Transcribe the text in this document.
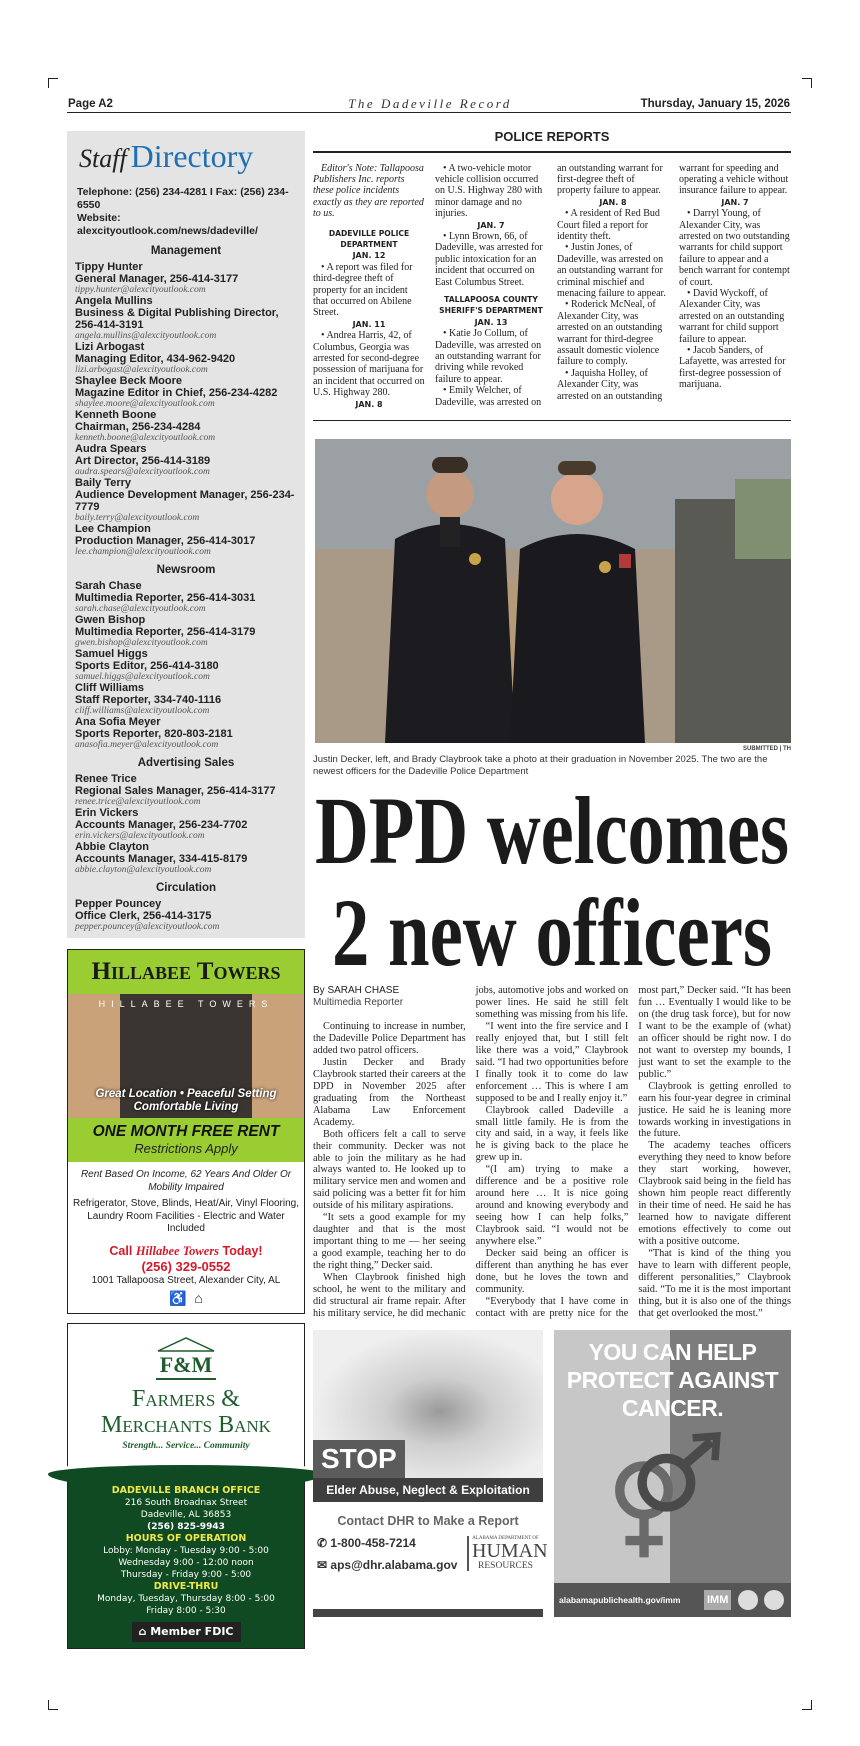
The Dadeville Record
Page A2	Thursday, January 15, 2026
Staff Directory
Telephone: (256) 234-4281 I Fax: (256) 234-6550
Website: alexcityoutlook.com/news/dadeville/
Management
Tippy Hunter
General Manager, 256-414-3177
tippy.hunter@alexcityoutlook.com
Angela Mullins
Business & Digital Publishing Director, 256-414-3191
angela.mullins@alexcityoutlook.com
Lizi Arbogast
Managing Editor, 434-962-9420
lizi.arbogast@alexcityoutlook.com
Shaylee Beck Moore
Magazine Editor in Chief, 256-234-4282
shaylee.moore@alexcityoutlook.com
Kenneth Boone
Chairman, 256-234-4284
kenneth.boone@alexcityoutlook.com
Audra Spears
Art Director, 256-414-3189
audra.spears@alexcityoutlook.com
Baily Terry
Audience Development Manager, 256-234-7779
baily.terry@alexcityoutlook.com
Lee Champion
Production Manager, 256-414-3017
lee.champion@alexcityoutlook.com
Newsroom
Sarah Chase
Multimedia Reporter, 256-414-3031
sarah.chase@alexcityoutlook.com
Gwen Bishop
Multimedia Reporter, 256-414-3179
gwen.bishop@alexcityoutlook.com
Samuel Higgs
Sports Editor, 256-414-3180
samuel.higgs@alexcityoutlook.com
Cliff Williams
Staff Reporter, 334-740-1116
cliff.williams@alexcityoutlook.com
Ana Sofia Meyer
Sports Reporter, 820-803-2181
anasofia.meyer@alexcityoutlook.com
Advertising Sales
Renee Trice
Regional Sales Manager, 256-414-3177
renee.trice@alexcityoutlook.com
Erin Vickers
Accounts Manager, 256-234-7702
erin.vickers@alexcityoutlook.com
Abbie Clayton
Accounts Manager, 334-415-8179
abbie.clayton@alexcityoutlook.com
Circulation
Pepper Pouncey
Office Clerk, 256-414-3175
pepper.pouncey@alexcityoutlook.com
Hillabee Towers
HILLABEE TOWERS
Great Location • Peaceful Setting
Comfortable Living
ONE MONTH FREE RENT
Restrictions Apply
Rent Based On Income, 62 Years And Older Or Mobility Impaired
Refrigerator, Stove, Blinds, Heat/Air, Vinyl Flooring, Laundry Room Facilities - Electric and Water Included
Call Hillabee Towers Today!
(256) 329-0552
1001 Tallapoosa Street, Alexander City, AL
♿ ⌂
F&M
Farmers &
Merchants Bank
Strength... Service... Community
DADEVILLE BRANCH OFFICE
216 South Broadnax Street
Dadeville, AL 36853
(256) 825-9943
HOURS OF OPERATION
Lobby: Monday - Tuesday 9:00 - 5:00
Wednesday 9:00 - 12:00 noon
Thursday - Friday 9:00 - 5:00
DRIVE-THRU
Monday, Tuesday, Thursday 8:00 - 5:00
Friday 8:00 - 5:30
⌂ Member FDIC
POLICE REPORTS

Editor's Note: Tallapoosa Publishers Inc. reports these police incidents exactly as they are reported to us.

DADEVILLE POLICE DEPARTMENT

JAN. 12

• A report was filed for third-degree theft of property for an incident that occurred on Abilene Street.

JAN. 11

• Andrea Harris, 42, of Columbus, Georgia was arrested for second-degree possession of marijuana for an incident that occurred on U.S. Highway 280.

JAN. 8

• A two-vehicle motor vehicle collision occurred on U.S. Highway 280 with minor damage and no injuries.

JAN. 7

• Lynn Brown, 66, of Dadeville, was arrested for public intoxication for an incident that occurred on East Columbus Street.

TALLAPOOSA COUNTY SHERIFF'S DEPARTMENT

JAN. 13

• Katie Jo Collum, of Dadeville, was arrested on an outstanding warrant for driving while revoked failure to appear.

• Emily Welcher, of Dadeville, was arrested on an outstanding warrant for first-degree theft of property failure to appear.

JAN. 8

• A resident of Red Bud Court filed a report for identity theft.

• Justin Jones, of Dadeville, was arrested on an outstanding warrant for criminal mischief and menacing failure to appear.

• Roderick McNeal, of Alexander City, was arrested on an outstanding warrant for third-degree assault domestic violence failure to comply.

• Jaquisha Holley, of Alexander City, was arrested on an outstanding warrant for speeding and operating a vehicle without insurance failure to appear.

JAN. 7

• Darryl Young, of Alexander City, was arrested on two outstanding warrants for child support failure to appear and a bench warrant for contempt of court.

• David Wyckoff, of Alexander City, was arrested on an outstanding warrant for child support failure to appear.

• Jacob Sanders, of Lafayette, was arrested for first-degree possession of marijuana.

SUBMITTED | TH
Justin Decker, left, and Brady Claybrook take a photo at their graduation in November 2025. The two are the newest officers for the Dadeville Police Department
DPD welcomes
2 new officers
By SARAH CHASE
Multimedia Reporter

Continuing to increase in number, the Dadeville Police Department has added two patrol officers.

Justin Decker and Brady Claybrook started their careers at the DPD in November 2025 after graduating from the Northeast Alabama Law Enforcement Academy.

Both officers felt a call to serve their community. Decker was not able to join the military as he had always wanted to. He looked up to military service men and women and said policing was a better fit for him outside of his military aspirations.

“It sets a good example for my daughter and that is the most important thing to me — her seeing a good example, teaching her to do the right thing,” Decker said.

When Claybrook finished high school, he went to the military and did structural air frame repair. After his military service, he did mechanic jobs, automotive jobs and worked on power lines. He said he still felt something was missing from his life.

“I went into the fire service and I really enjoyed that, but I still felt like there was a void,” Claybrook said. “I had two opportunities before I finally took it to come do law enforcement … This is where I am supposed to be and I really enjoy it.”

Claybrook called Dadeville a small little family. He is from the city and said, in a way, it feels like he is giving back to the place he grew up in.

“(I am) trying to make a difference and be a positive role around here … It is nice going around and knowing everybody and seeing how I can help folks,” Claybrook said. “I would not be anywhere else.”

Decker said being an officer is different than anything he has ever done, but he loves the town and community.

“Everybody that I have come in contact with are pretty nice for the most part,” Decker said. “It has been fun … Eventually I would like to be on (the drug task force), but for now I want to be the example of (what) an officer should be right now. I do not want to overstep my bounds, I just want to set the example to the public.”

Claybrook is getting enrolled to earn his four-year degree in criminal justice. He said he is leaning more towards working in investigations in the future.

The academy teaches officers everything they need to know before they start working, however, Claybrook said being in the field has shown him people react differently in their time of need. He said he has learned how to navigate different emotions effectively to come out with a positive outcome.

“That is kind of the thing you have to learn with different people, different personalities,” Claybrook said. “To me it is the most important thing, but it is also one of the things that get overlooked the most.”

STOP
Elder Abuse, Neglect & Exploitation
Contact DHR to Make a Report
✆ 1-800-458-7214
✉ aps@dhr.alabama.gov
ALABAMA DEPARTMENT OF
HUMAN
RESOURCES
YOU CAN HELP PROTECT AGAINST CANCER.
alabamapublichealth.gov/imm IMM
